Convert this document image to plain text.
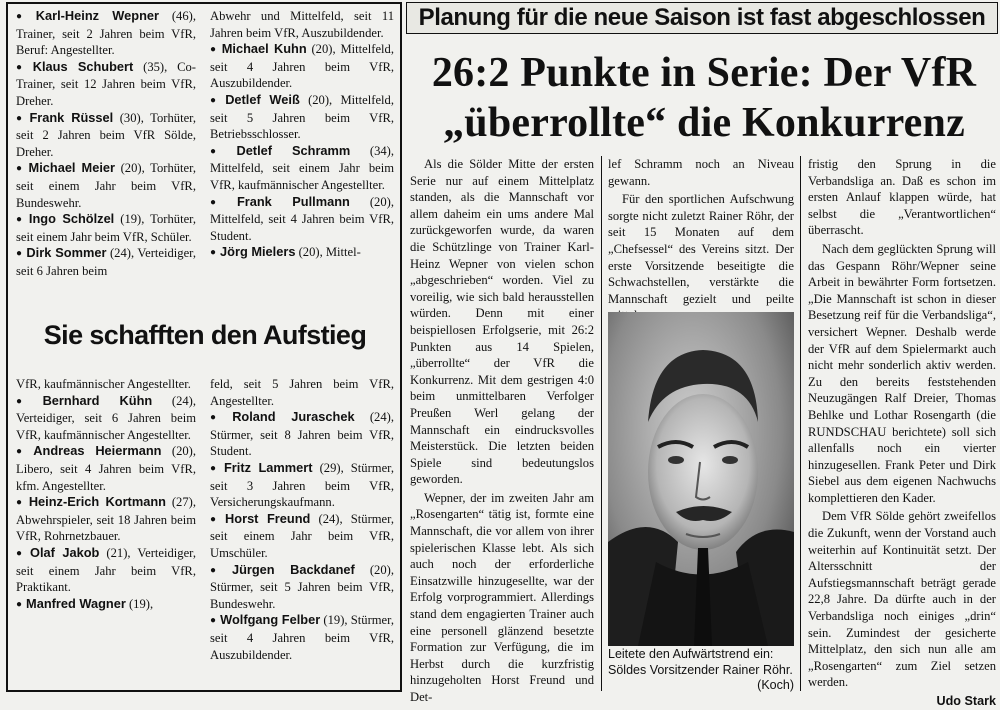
● Karl-Heinz Wepner (46), Trainer, seit 2 Jahren beim VfR, Beruf: Angestellter.

● Klaus Schubert (35), Co-Trainer, seit 12 Jahren beim VfR, Dreher.

● Frank Rüssel (30), Torhüter, seit 2 Jahren beim VfR Sölde, Dreher.

● Michael Meier (20), Torhüter, seit einem Jahr beim VfR, Bundeswehr.

● Ingo Schölzel (19), Torhüter, seit einem Jahr beim VfR, Schüler.

● Dirk Sommer (24), Verteidiger, seit 6 Jahren beim

Abwehr und Mittelfeld, seit 11 Jahren beim VfR, Auszubildender.

● Michael Kuhn (20), Mittelfeld, seit 4 Jahren beim VfR, Auszubildender.

● Detlef Weiß (20), Mittelfeld, seit 5 Jahren beim VfR, Betriebsschlosser.

● Detlef Schramm (34), Mittelfeld, seit einem Jahr beim VfR, kaufmännischer Angestellter.

● Frank Pullmann (20), Mittelfeld, seit 4 Jahren beim VfR, Student.

● Jörg Mielers (20), Mittel-

Sie schafften den Aufstieg

VfR, kaufmännischer Angestellter.

● Bernhard Kühn (24), Verteidiger, seit 6 Jahren beim VfR, kaufmännischer Angestellter.

● Andreas Heiermann (20), Libero, seit 4 Jahren beim VfR, kfm. Angestellter.

● Heinz-Erich Kortmann (27), Abwehrspieler, seit 18 Jahren beim VfR, Rohrnetzbauer.

● Olaf Jakob (21), Verteidiger, seit einem Jahr beim VfR, Praktikant.

● Manfred Wagner (19),

feld, seit 5 Jahren beim VfR, Angestellter.

● Roland Juraschek (24), Stürmer, seit 8 Jahren beim VfR, Student.

● Fritz Lammert (29), Stürmer, seit 3 Jahren beim VfR, Versicherungskaufmann.

● Horst Freund (24), Stürmer, seit einem Jahr beim VfR, Umschüler.

● Jürgen Backdanef (20), Stürmer, seit 5 Jahren beim VfR, Bundeswehr.

● Wolfgang Felber (19), Stürmer, seit 4 Jahren beim VfR, Auszubildender.

Planung für die neue Saison ist fast abgeschlossen
26:2 Punkte in Serie: Der VfR
„überrollte“ die Konkurrenz

Als die Sölder Mitte der ersten Serie nur auf einem Mittelplatz standen, als die Mannschaft vor allem daheim ein ums andere Mal zurückgeworfen wurde, da waren die Schützlinge von Trainer Karl-Heinz Wepner von vielen schon „abgeschrieben“ worden. Viel zu voreilig, wie sich bald herausstellen würden. Denn mit einer beispiellosen Erfolgserie, mit 26:2 Punkten aus 14 Spielen, „überrollte“ der VfR die Konkurrenz. Mit dem gestrigen 4:0 beim unmittelbaren Verfolger Preußen Werl gelang der Mannschaft ein eindrucksvolles Meisterstück. Die letzten beiden Spiele sind bedeutungslos geworden.

Wepner, der im zweiten Jahr am „Rosengarten“ tätig ist, formte eine Mannschaft, die vor allem von ihrer spielerischen Klasse lebt. Als sich auch noch der erforderliche Einsatzwille hinzugesellte, war der Erfolg vorprogrammiert. Allerdings stand dem engagierten Trainer auch eine personell glänzend besetzte Formation zur Verfügung, die im Herbst durch die kurzfristig hinzugeholten Horst Freund und Det-

lef Schramm noch an Niveau gewann.

Für den sportlichen Aufschwung sorgte nicht zuletzt Rainer Röhr, der seit 15 Monaten auf dem „Chefsessel“ des Vereins sitzt. Der erste Vorsitzende beseitigte die Schwachstellen, verstärkte die Mannschaft gezielt und peilte

fristig den Sprung in die Verbandsliga an. Daß es schon im ersten Anlauf klappen würde, hat selbst die „Verantwortlichen“ überrascht.

Nach dem geglückten Sprung will das Gespann Röhr/Wepner seine Arbeit in bewährter Form fortsetzen. „Die Mannschaft ist schon in dieser Besetzung reif für die Verbandsliga“, versichert Wepner. Deshalb werde der VfR auf dem Spielermarkt auch nicht mehr sonderlich aktiv werden. Zu den bereits feststehenden Neuzugängen Ralf Dreier, Thomas Behlke und Lothar Rosengarth (die RUNDSCHAU berichtete) soll sich allenfalls noch ein vierter hinzugesellen. Frank Peter und Dirk Siebel aus dem eigenen Nachwuchs komplettieren den Kader.

Dem VfR Sölde gehört zweifellos die Zukunft, wenn der Vorstand auch weiterhin auf Kontinuität setzt. Der Altersschnitt der Aufstiegsmannschaft beträgt gerade 22,8 Jahre. Da dürfte auch in der Verbandsliga noch einiges „drin“ sein. Zumindest der gesicherte Mittelplatz, den sich nun alle am „Rosengarten“ zum Ziel setzen werden.

Udo Stark
Leitete den Aufwärtstrend ein: Söldes Vorsitzender Rainer Röhr.
(Koch)
